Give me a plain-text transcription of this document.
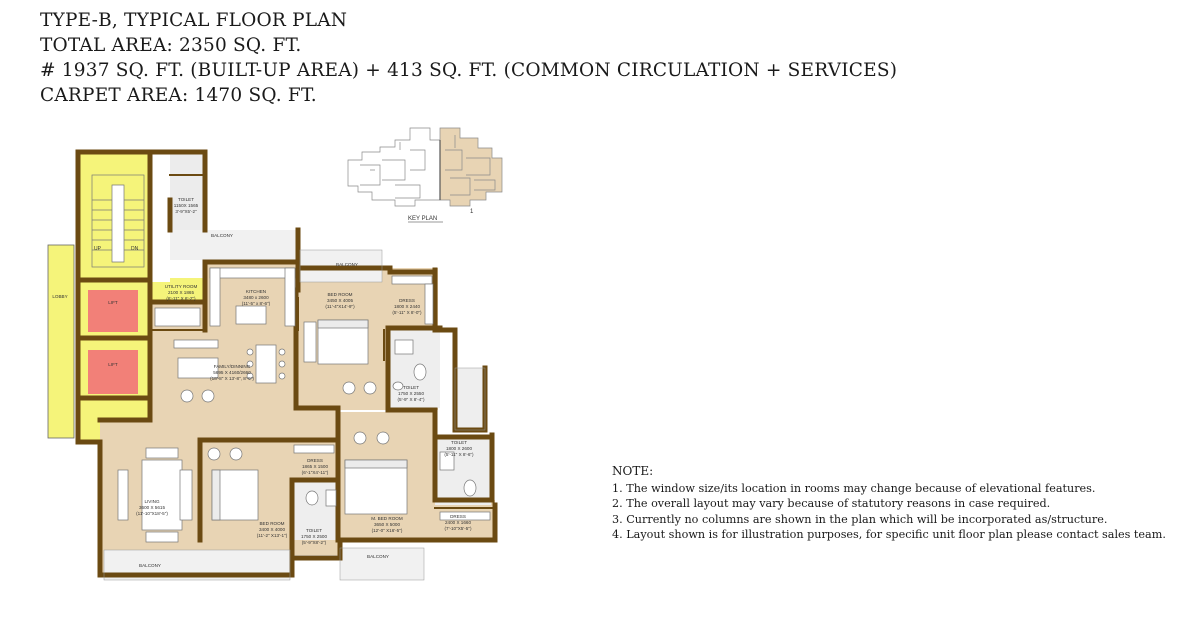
TYPE-B, TYPICAL FLOOR PLAN
TOTAL AREA: 2350 SQ. FT.
# 1937 SQ. FT. (BUILT-UP AREA) + 413 SQ. FT. (COMMON CIRCULATION + SERVICES)
CARPET AREA: 1470 SQ. FT.
KEY PLAN
1
UP	DN
TOILET
1150X 1565
3'-9"X5'-2"
BALCONY
BALCONY
LOBBY
LIFT
LIFT
UTILITY ROOM
2100 X 1865
(6'-11" X 6'-2")
KITCHEN
3480 x 2600
(11'-5" x 8'-6")
BED ROOM
3450 X 4005
(11'-4"X14'-9")
DRESS
1800 X 2440
(5'-11" X 8'-0")
FAMILY/DINNING
5695 X 4160/2660
(18'-8" X 13'-8", 8'-9")
TOILET
1750 X 2550
(5'-9" X 8'-4")
TOILET
1800 X 2600
(5'-11" X 8'-6")
DRESS
1865 X 1500
(6'-1"X4'-11")
LIVING
3600 X 5615
(11'-10"X18'-5")
M. BED ROOM
3650 X 5000
(12'-0" X16'-5")
DRESS
2400 X 1660
(7'-10"X5'-5")
BED ROOM
3400 X 4000
(11'-2" X13'-1")
TOILET
1750 X 2500
(5'-9"X8'-2")
BALCONY
BALCONY
NOTE:
1. The window size/its location in rooms may change because of elevational features.
2. The overall layout may vary because of statutory reasons in case required.
3. Currently no columns are shown in the plan which will be incorporated as/structure.
4. Layout shown is for illustration purposes, for specific unit floor plan please contact sales team.
